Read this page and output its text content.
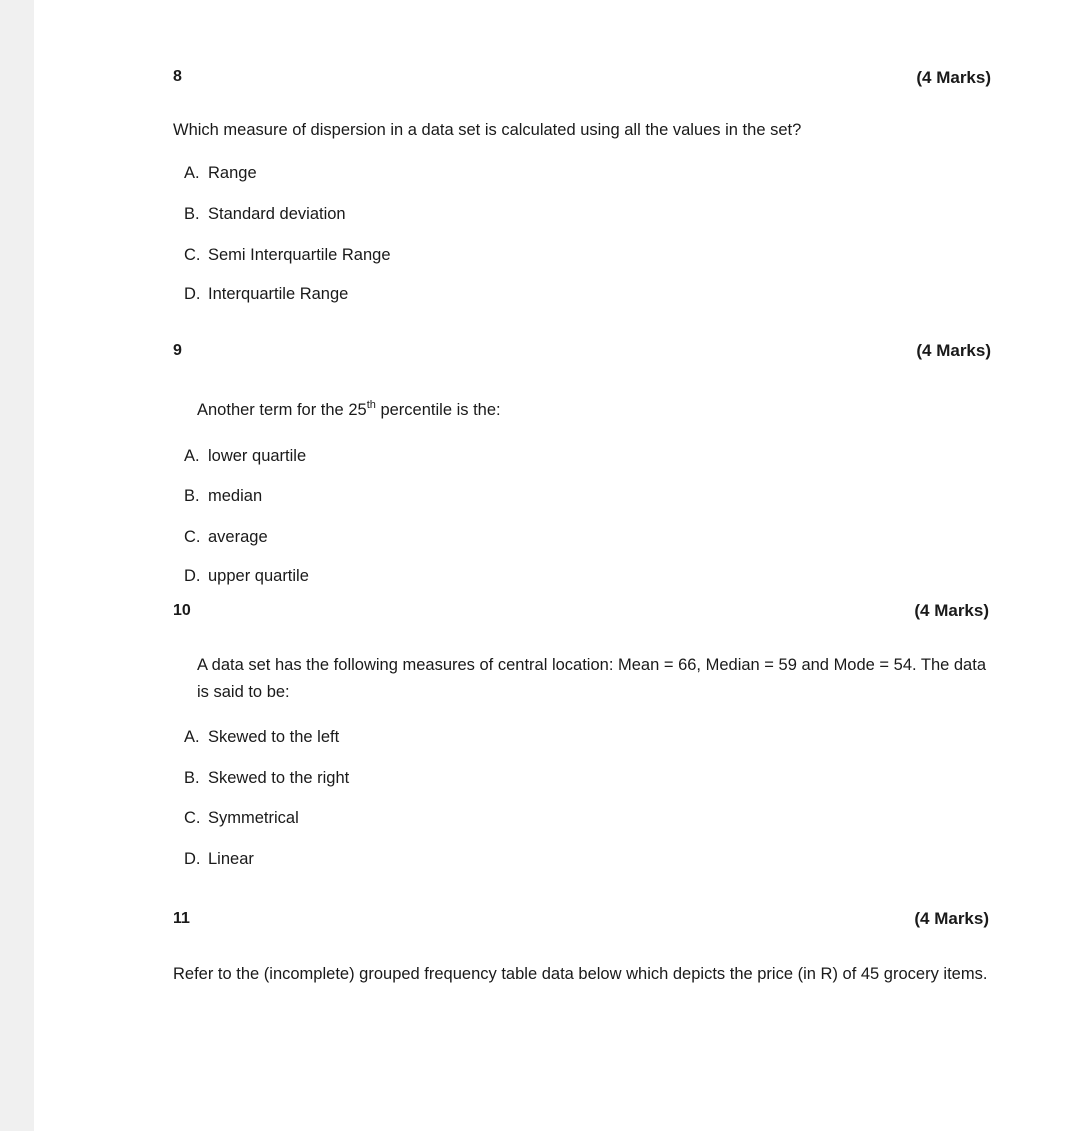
8	(4 Marks)
Which measure of dispersion in a data set is calculated using all the values in the set?
A. Range
B. Standard deviation
C. Semi Interquartile Range
D. Interquartile Range
9	(4 Marks)
Another term for the 25th percentile is the:
A. lower quartile
B. median
C. average
D. upper quartile
10	(4 Marks)
A data set has the following measures of central location: Mean = 66, Median = 59 and Mode = 54. The data is said to be:
A. Skewed to the left
B. Skewed to the right
C. Symmetrical
D. Linear
11	(4 Marks)
Refer to the (incomplete) grouped frequency table data below which depicts the price (in R) of 45 grocery items.
